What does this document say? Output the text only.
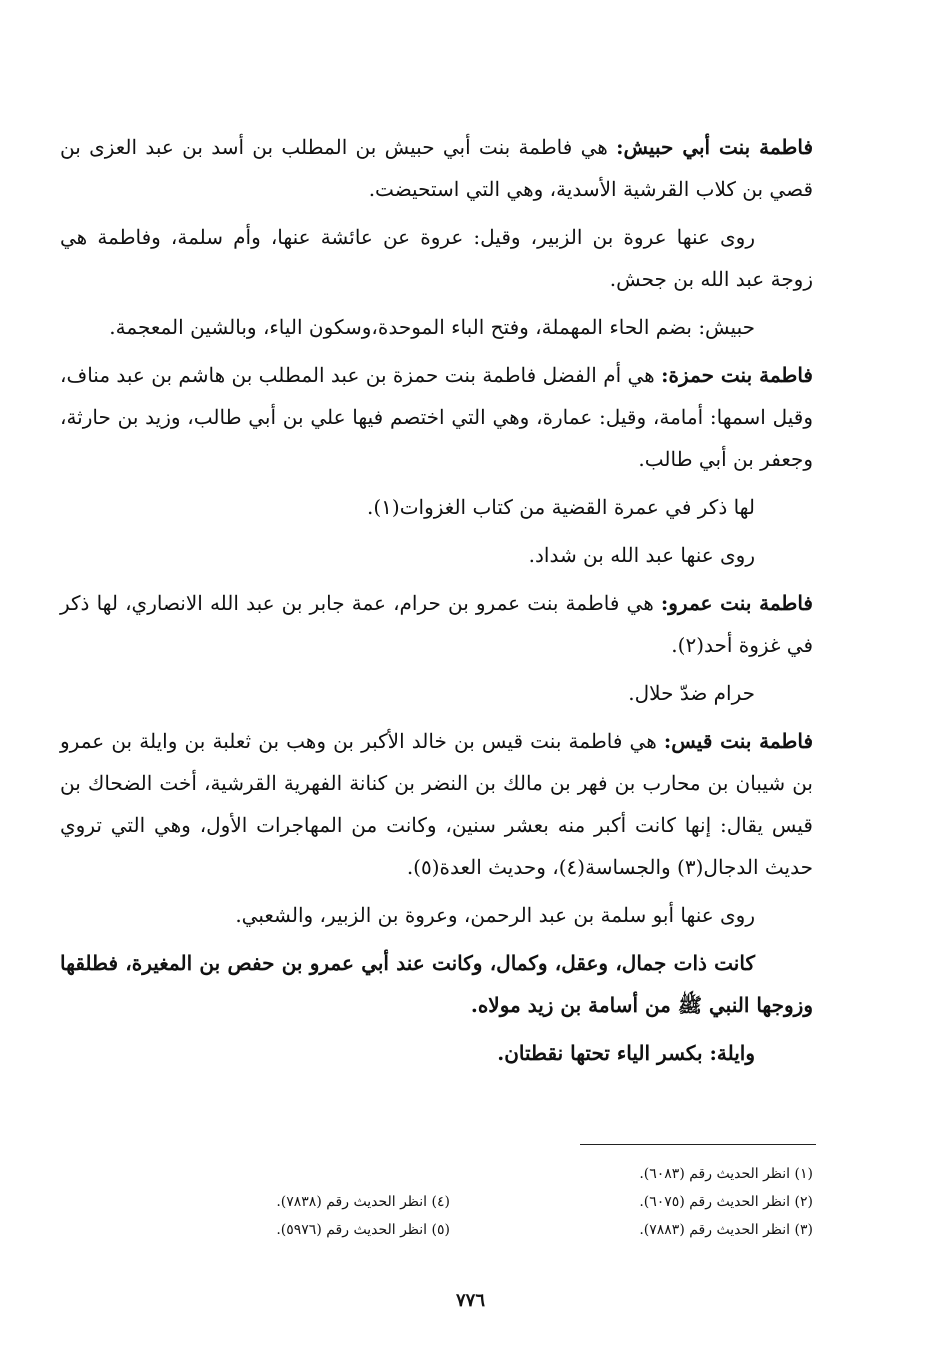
فاطمة بنت أبي حبيش: هي فاطمة بنت أبي حبيش بن المطلب بن أسد بن عبد العزى بن قصي بن كلاب القرشية الأسدية، وهي التي استحيضت.

روى عنها عروة بن الزبير، وقيل: عروة عن عائشة عنها، وأم سلمة، وفاطمة هي زوجة عبد الله بن جحش.

حبيش: بضم الحاء المهملة، وفتح الباء الموحدة،وسكون الياء، وبالشين المعجمة.

فاطمة بنت حمزة: هي أم الفضل فاطمة بنت حمزة بن عبد المطلب بن هاشم بن عبد مناف، وقيل اسمها: أمامة، وقيل: عمارة، وهي التي اختصم فيها علي بن أبي طالب، وزيد بن حارثة، وجعفر بن أبي طالب.

لها ذكر في عمرة القضية من كتاب الغزوات(١).

روى عنها عبد الله بن شداد.

فاطمة بنت عمرو: هي فاطمة بنت عمرو بن حرام، عمة جابر بن عبد الله الانصاري، لها ذكر في غزوة أحد(٢).

حرام ضدّ حلال.

فاطمة بنت قيس: هي فاطمة بنت قيس بن خالد الأكبر بن وهب بن ثعلبة بن وايلة بن عمرو بن شيبان بن محارب بن فهر بن مالك بن النضر بن كنانة الفهرية القرشية، أخت الضحاك بن قيس يقال: إنها كانت أكبر منه بعشر سنين، وكانت من المهاجرات الأول، وهي التي تروي حديث الدجال(٣) والجساسة(٤)، وحديث العدة(٥).

روى عنها أبو سلمة بن عبد الرحمن، وعروة بن الزبير، والشعبي.

كانت ذات جمال، وعقل، وكمال، وكانت عند أبي عمرو بن حفص بن المغيرة، فطلقها وزوجها النبي ﷺ من أسامة بن زيد مولاه.

وايلة: بكسر الياء تحتها نقطتان.

(١) انظر الحديث رقم (٦٠٨٣).
(٢) انظر الحديث رقم (٦٠٧٥).
(٣) انظر الحديث رقم (٧٨٨٣).
(٤) انظر الحديث رقم (٧٨٣٨).
(٥) انظر الحديث رقم (٥٩٧٦).
٧٧٦
